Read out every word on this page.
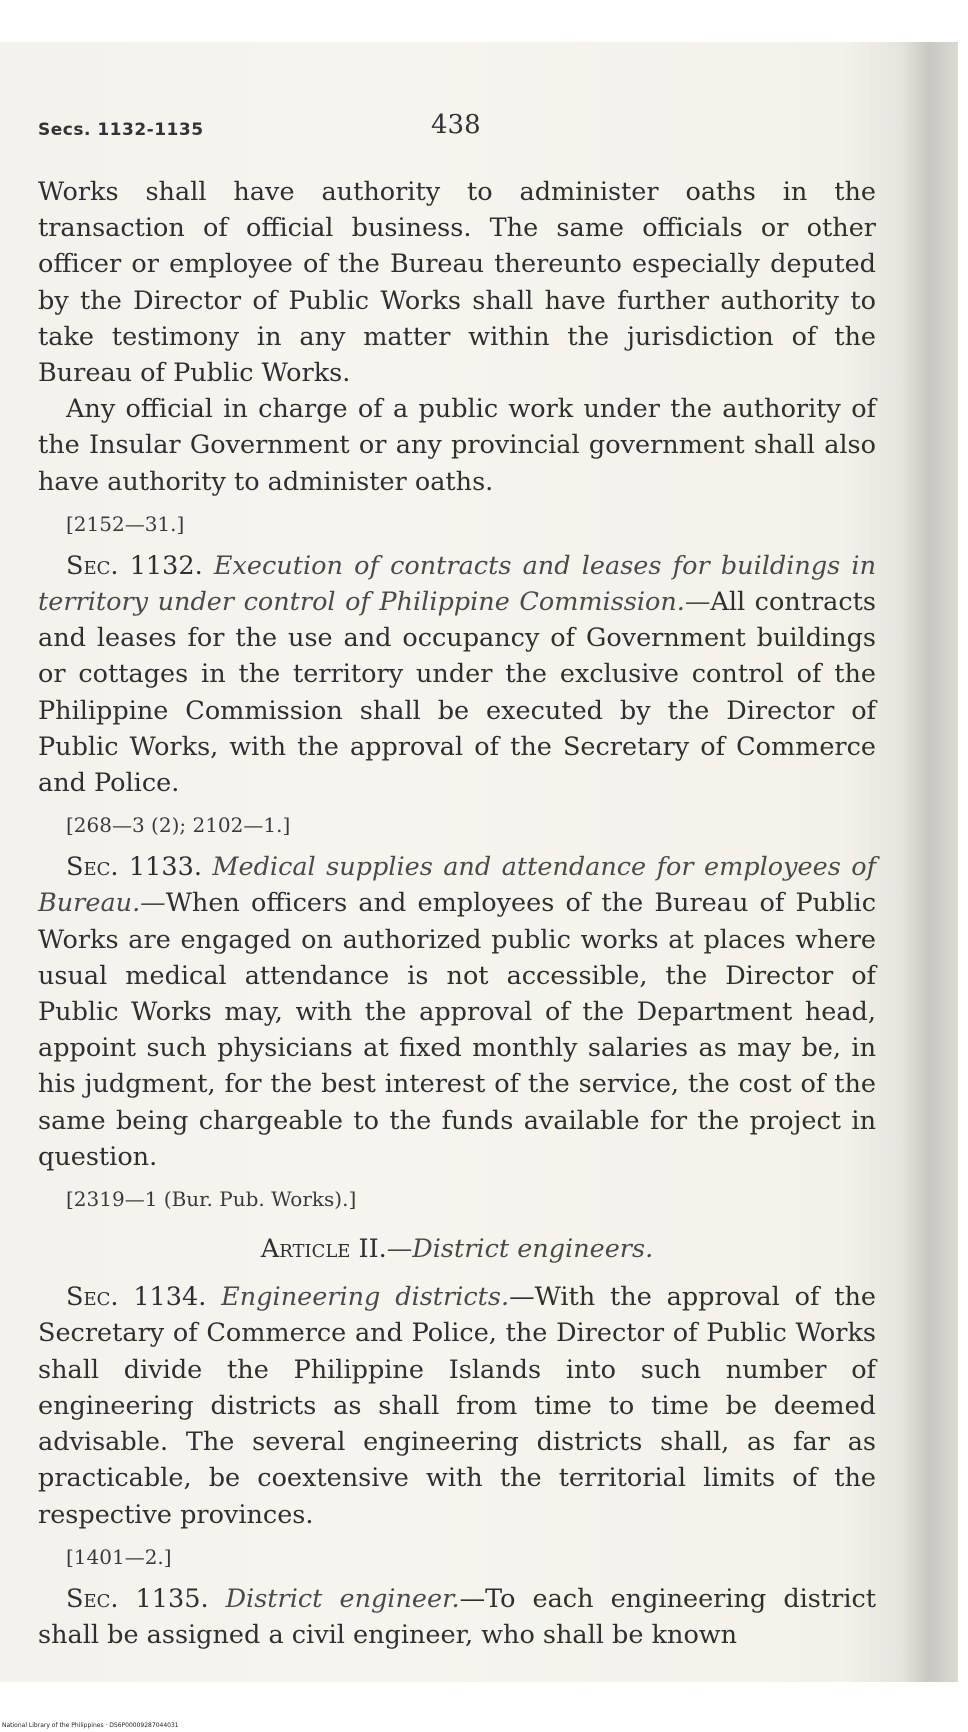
Secs. 1132-1135	438

Works shall have authority to administer oaths in the transaction of official business. The same officials or other officer or employee of the Bureau thereunto especially deputed by the Director of Public Works shall have further authority to take testimony in any matter within the jurisdiction of the Bureau of Public Works.

Any official in charge of a public work under the authority of the Insular Government or any provincial government shall also have authority to administer oaths.

[2152—31.]

Sec. 1132. Execution of contracts and leases for buildings in territory under control of Philippine Commission.—All contracts and leases for the use and occupancy of Government buildings or cottages in the territory under the exclusive control of the Philippine Commission shall be executed by the Director of Public Works, with the approval of the Secretary of Commerce and Police.

[268—3 (2); 2102—1.]

Sec. 1133. Medical supplies and attendance for employees of Bureau.—When officers and employees of the Bureau of Public Works are engaged on authorized public works at places where usual medical attendance is not accessible, the Director of Public Works may, with the approval of the Department head, appoint such physicians at fixed monthly salaries as may be, in his judgment, for the best interest of the service, the cost of the same being chargeable to the funds available for the project in question.

[2319—1 (Bur. Pub. Works).]

Article II.—District engineers.

Sec. 1134. Engineering districts.—With the approval of the Secretary of Commerce and Police, the Director of Public Works shall divide the Philippine Islands into such number of engineering districts as shall from time to time be deemed advisable. The several engineering districts shall, as far as practicable, be coextensive with the territorial limits of the respective provinces.

[1401—2.]

Sec. 1135. District engineer.—To each engineering district shall be assigned a civil engineer, who shall be known

National Library of the Philippines · DS6P00009287044031
